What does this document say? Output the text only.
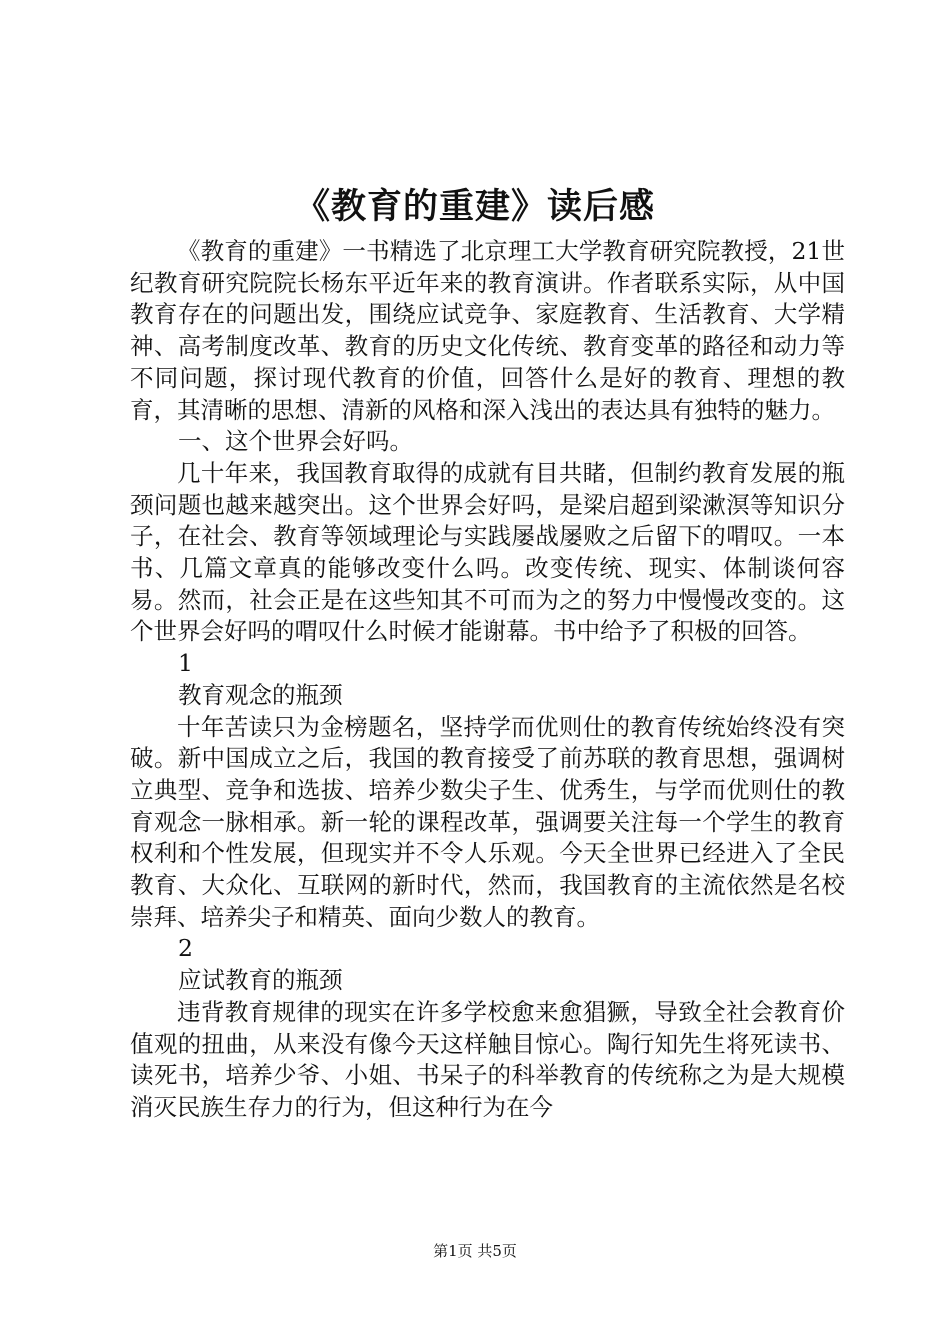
《教育的重建》读后感

《教育的重建》一书精选了北京理工大学教育研究院教授，21世纪教育研究院院长杨东平近年来的教育演讲。作者联系实际，从中国教育存在的问题出发，围绕应试竞争、家庭教育、生活教育、大学精神、高考制度改革、教育的历史文化传统、教育变革的路径和动力等不同问题，探讨现代教育的价值，回答什么是好的教育、理想的教育，其清晰的思想、清新的风格和深入浅出的表达具有独特的魅力。

一、这个世界会好吗。

几十年来，我国教育取得的成就有目共睹，但制约教育发展的瓶颈问题也越来越突出。这个世界会好吗，是梁启超到梁漱溟等知识分子，在社会、教育等领域理论与实践屡战屡败之后留下的喟叹。一本书、几篇文章真的能够改变什么吗。改变传统、现实、体制谈何容易。然而，社会正是在这些知其不可而为之的努力中慢慢改变的。这个世界会好吗的喟叹什么时候才能谢幕。书中给予了积极的回答。

1

教育观念的瓶颈

十年苦读只为金榜题名，坚持学而优则仕的教育传统始终没有突破。新中国成立之后，我国的教育接受了前苏联的教育思想，强调树立典型、竞争和选拔、培养少数尖子生、优秀生，与学而优则仕的教育观念一脉相承。新一轮的课程改革，强调要关注每一个学生的教育权利和个性发展，但现实并不令人乐观。今天全世界已经进入了全民教育、大众化、互联网的新时代，然而，我国教育的主流依然是名校崇拜、培养尖子和精英、面向少数人的教育。

2

应试教育的瓶颈

违背教育规律的现实在许多学校愈来愈猖獗，导致全社会教育价值观的扭曲，从来没有像今天这样触目惊心。陶行知先生将死读书、读死书，培养少爷、小姐、书呆子的科举教育的传统称之为是大规模消灭民族生存力的行为，但这种行为在今

第1页 共5页
